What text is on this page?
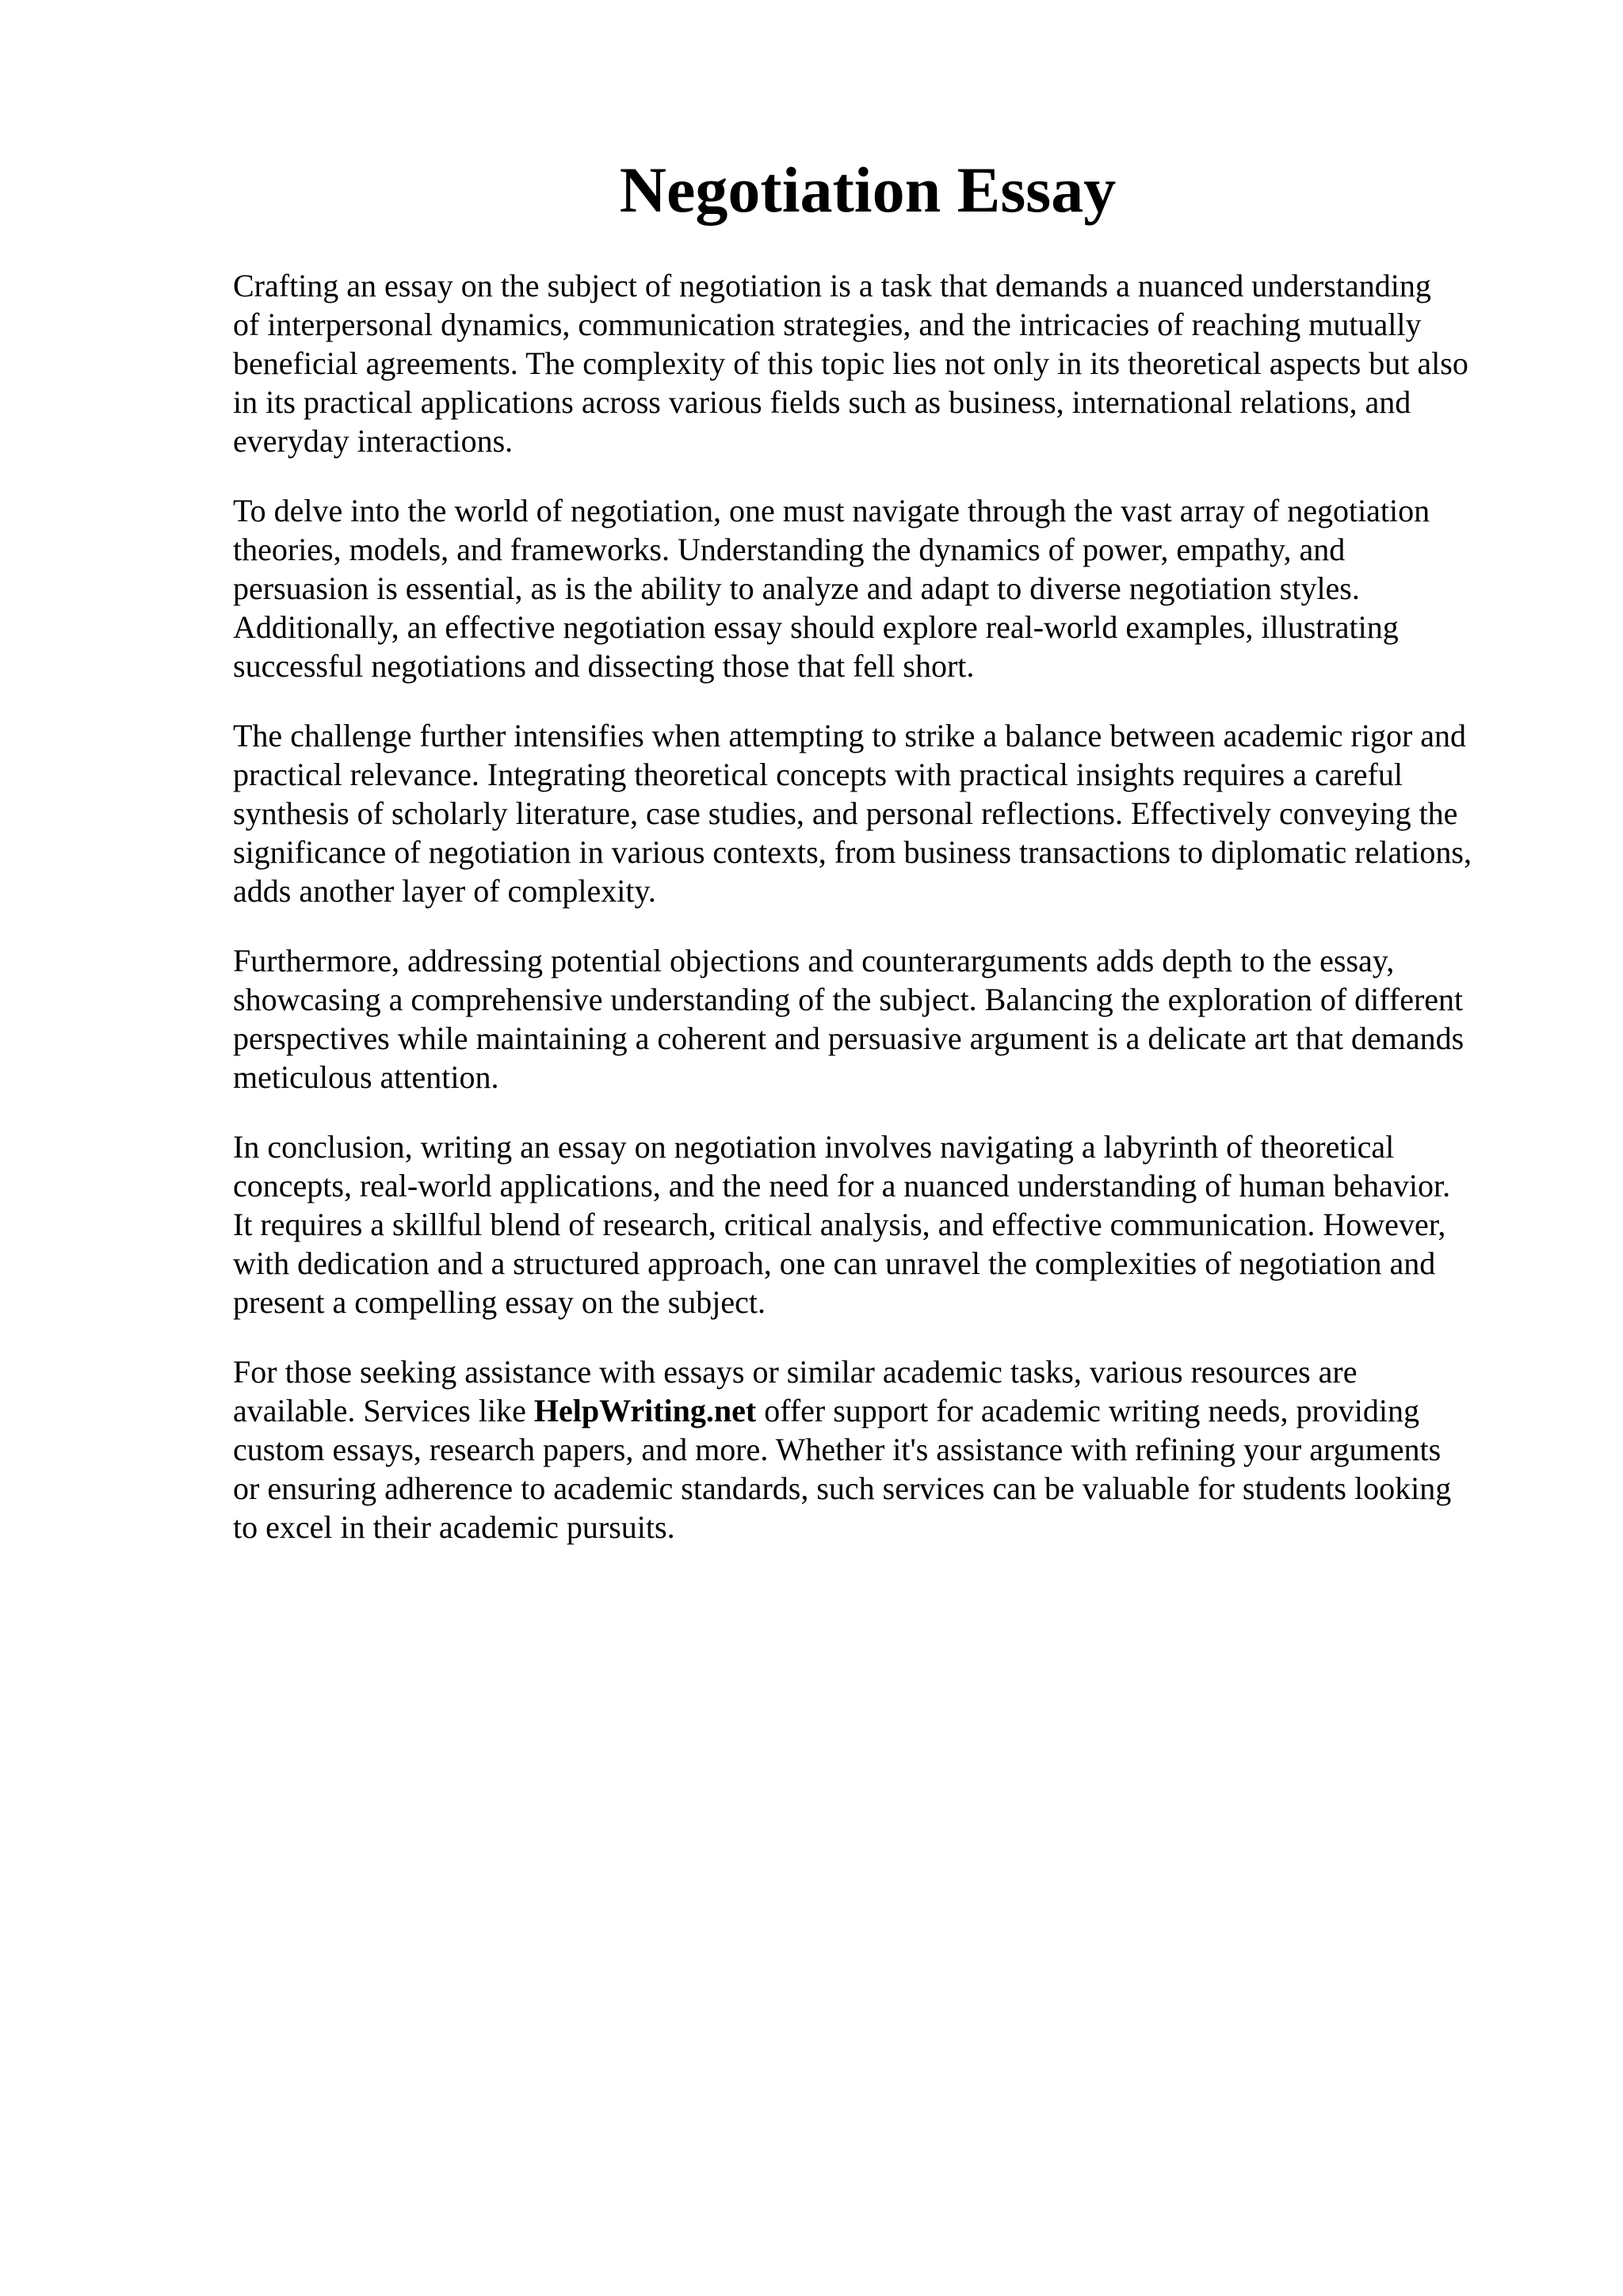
Negotiation Essay

Crafting an essay on the subject of negotiation is a task that demands a nuanced understanding
of interpersonal dynamics, communication strategies, and the intricacies of reaching mutually
beneficial agreements. The complexity of this topic lies not only in its theoretical aspects but also
in its practical applications across various fields such as business, international relations, and
everyday interactions.

To delve into the world of negotiation, one must navigate through the vast array of negotiation
theories, models, and frameworks. Understanding the dynamics of power, empathy, and
persuasion is essential, as is the ability to analyze and adapt to diverse negotiation styles.
Additionally, an effective negotiation essay should explore real-world examples, illustrating
successful negotiations and dissecting those that fell short.

The challenge further intensifies when attempting to strike a balance between academic rigor and
practical relevance. Integrating theoretical concepts with practical insights requires a careful
synthesis of scholarly literature, case studies, and personal reflections. Effectively conveying the
significance of negotiation in various contexts, from business transactions to diplomatic relations,
adds another layer of complexity.

Furthermore, addressing potential objections and counterarguments adds depth to the essay,
showcasing a comprehensive understanding of the subject. Balancing the exploration of different
perspectives while maintaining a coherent and persuasive argument is a delicate art that demands
meticulous attention.

In conclusion, writing an essay on negotiation involves navigating a labyrinth of theoretical
concepts, real-world applications, and the need for a nuanced understanding of human behavior.
It requires a skillful blend of research, critical analysis, and effective communication. However,
with dedication and a structured approach, one can unravel the complexities of negotiation and
present a compelling essay on the subject.

For those seeking assistance with essays or similar academic tasks, various resources are
available. Services like HelpWriting.net offer support for academic writing needs, providing
custom essays, research papers, and more. Whether it's assistance with refining your arguments
or ensuring adherence to academic standards, such services can be valuable for students looking
to excel in their academic pursuits.
